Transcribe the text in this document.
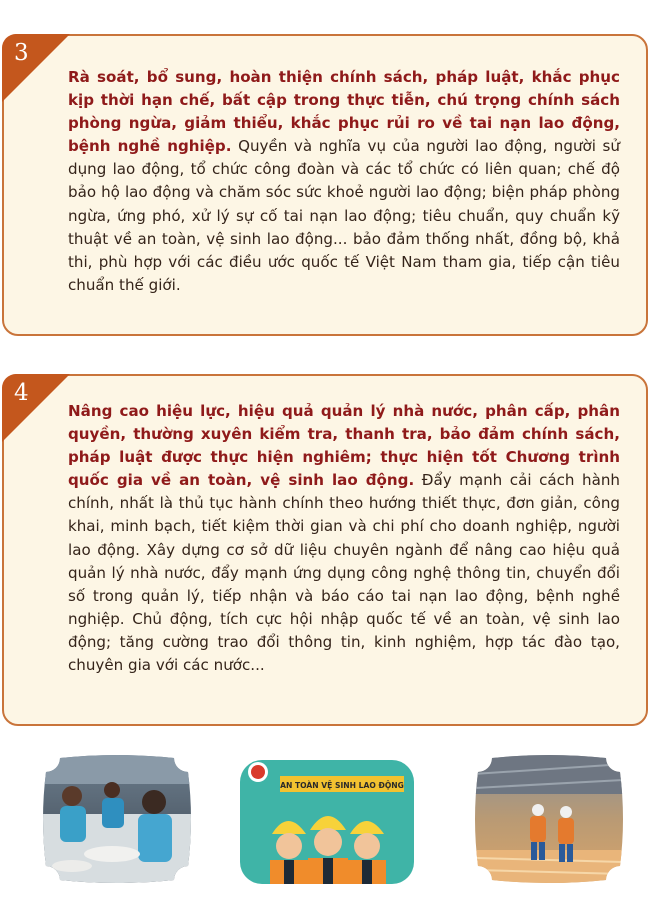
3

Rà soát, bổ sung, hoàn thiện chính sách, pháp luật, khắc phục kịp thời hạn chế, bất cập trong thực tiễn, chú trọng chính sách phòng ngừa, giảm thiểu, khắc phục rủi ro về tai nạn lao động, bệnh nghề nghiệp. Quyền và nghĩa vụ của người lao động, người sử dụng lao động, tổ chức công đoàn và các tổ chức có liên quan; chế độ bảo hộ lao động và chăm sóc sức khoẻ người lao động; biện pháp phòng ngừa, ứng phó, xử lý sự cố tai nạn lao động; tiêu chuẩn, quy chuẩn kỹ thuật về an toàn, vệ sinh lao động... bảo đảm thống nhất, đồng bộ, khả thi, phù hợp với các điều ước quốc tế Việt Nam tham gia, tiếp cận tiêu chuẩn thế giới.

4

Nâng cao hiệu lực, hiệu quả quản lý nhà nước, phân cấp, phân quyền, thường xuyên kiểm tra, thanh tra, bảo đảm chính sách, pháp luật được thực hiện nghiêm; thực hiện tốt Chương trình quốc gia về an toàn, vệ sinh lao động. Đẩy mạnh cải cách hành chính, nhất là thủ tục hành chính theo hướng thiết thực, đơn giản, công khai, minh bạch, tiết kiệm thời gian và chi phí cho doanh nghiệp, người lao động. Xây dựng cơ sở dữ liệu chuyên ngành để nâng cao hiệu quả quản lý nhà nước, đẩy mạnh ứng dụng công nghệ thông tin, chuyển đổi số trong quản lý, tiếp nhận và báo cáo tai nạn lao động, bệnh nghề nghiệp. Chủ động, tích cực hội nhập quốc tế về an toàn, vệ sinh lao động; tăng cường trao đổi thông tin, kinh nghiệm, hợp tác đào tạo, chuyên gia với các nước...

AN TOÀN VỆ SINH LAO ĐỘNG
